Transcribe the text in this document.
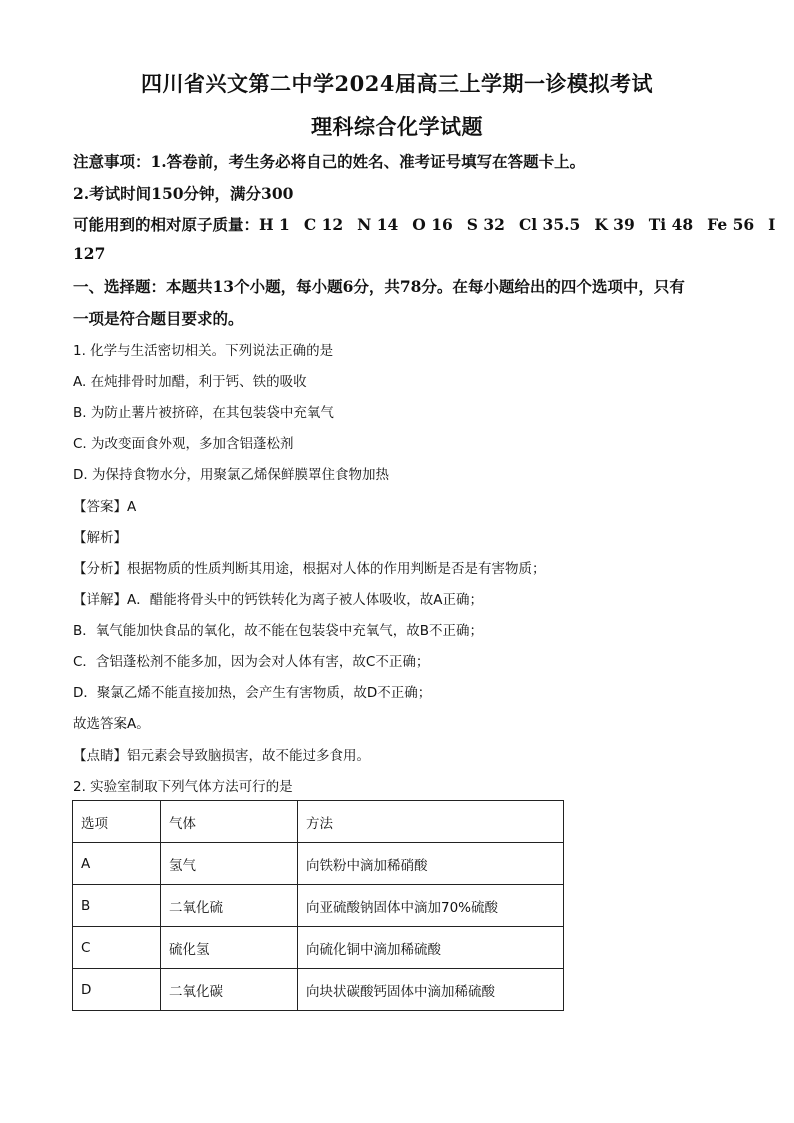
四川省兴文第二中学2024届高三上学期一诊模拟考试
理科综合化学试题
注意事项：1.答卷前，考生务必将自己的姓名、准考证号填写在答题卡上。
2.考试时间150分钟，满分300
可能用到的相对原子质量：H 1 C 12 N 14 O 16 S 32 Cl 35.5 K 39 Ti 48 Fe 56 I
127
一、选择题：本题共13个小题，每小题6分，共78分。在每小题给出的四个选项中，只有
一项是符合题目要求的。
1. 化学与生活密切相关。下列说法正确的是
A. 在炖排骨时加醋，利于钙、铁的吸收
B. 为防止薯片被挤碎，在其包装袋中充氧气
C. 为改变面食外观，多加含铝蓬松剂
D. 为保持食物水分，用聚氯乙烯保鲜膜罩住食物加热
【答案】A
【解析】
【分析】根据物质的性质判断其用途，根据对人体的作用判断是否是有害物质；
【详解】A．醋能将骨头中的钙铁转化为离子被人体吸收，故A正确；
B．氧气能加快食品的氧化，故不能在包装袋中充氧气，故B不正确；
C．含铝蓬松剂不能多加，因为会对人体有害，故C不正确；
D．聚氯乙烯不能直接加热，会产生有害物质，故D不正确；
故选答案A。
【点睛】铝元素会导致脑损害，故不能过多食用。
2. 实验室制取下列气体方法可行的是
选项	气体	方法
A	氢气	向铁粉中滴加稀硝酸
B	二氧化硫	向亚硫酸钠固体中滴加70%硫酸
C	硫化氢	向硫化铜中滴加稀硫酸
D	二氧化碳	向块状碳酸钙固体中滴加稀硫酸
